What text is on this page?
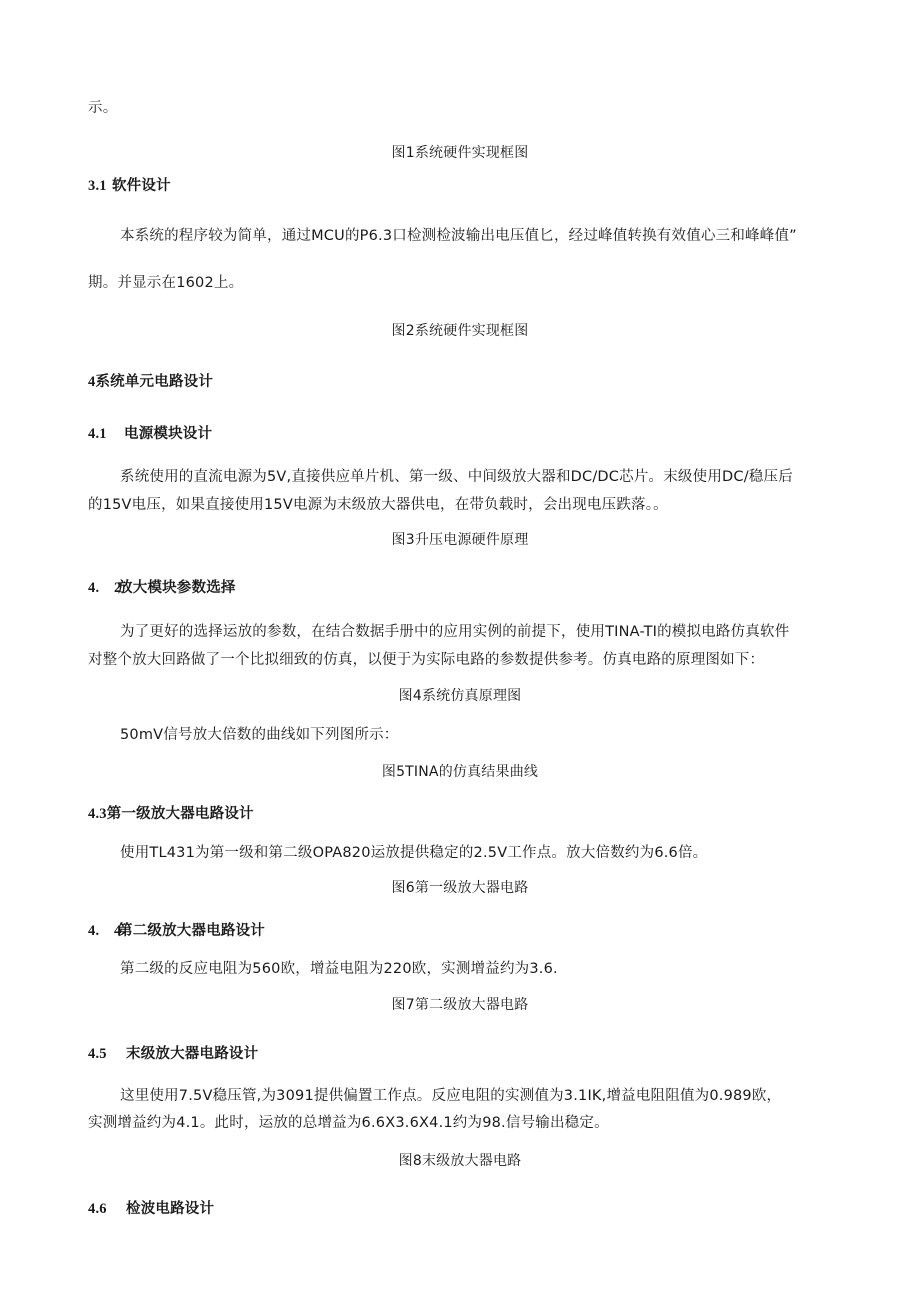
示。

图1系统硬件实现框图

3.1 软件设计

本系统的程序较为简单，通过MCU的P6.3口检测检波输出电压值匕，经过峰值转换有效值心三和峰峰值”

期。并显示在1602上。

图2系统硬件实现框图

4系统单元电路设计
4.1 电源模块设计

系统使用的直流电源为5V,直接供应单片机、第一级、中间级放大器和DC/DC芯片。末级使用DC/稳压后

的15V电压，如果直接使用15V电源为末级放大器供电，在带负载时，会出现电压跌落。。

图3升压电源硬件原理

4.　2放大模块参数选择

为了更好的选择运放的参数，在结合数据手册中的应用实例的前提下，使用TINA-TI的模拟电路仿真软件

对整个放大回路做了一个比拟细致的仿真，以便于为实际电路的参数提供参考。仿真电路的原理图如下：

图4系统仿真原理图

50mV信号放大倍数的曲线如下列图所示：

图5TINA的仿真结果曲线

4.3第一级放大器电路设计

使用TL431为第一级和第二级OPA820运放提供稳定的2.5V工作点。放大倍数约为6.6倍。

图6第一级放大器电路

4.　4第二级放大器电路设计

第二级的反应电阻为560欧，增益电阻为220欧，实测增益约为3.6.

图7第二级放大器电路

4.5 末级放大器电路设计

这里使用7.5V稳压管,为3091提供偏置工作点。反应电阻的实测值为3.1IK,增益电阻阻值为0.989欧，

实测增益约为4.1。此时，运放的总增益为6.6X3.6X4.1约为98.信号输出稳定。

图8末级放大器电路

4.6 检波电路设计
